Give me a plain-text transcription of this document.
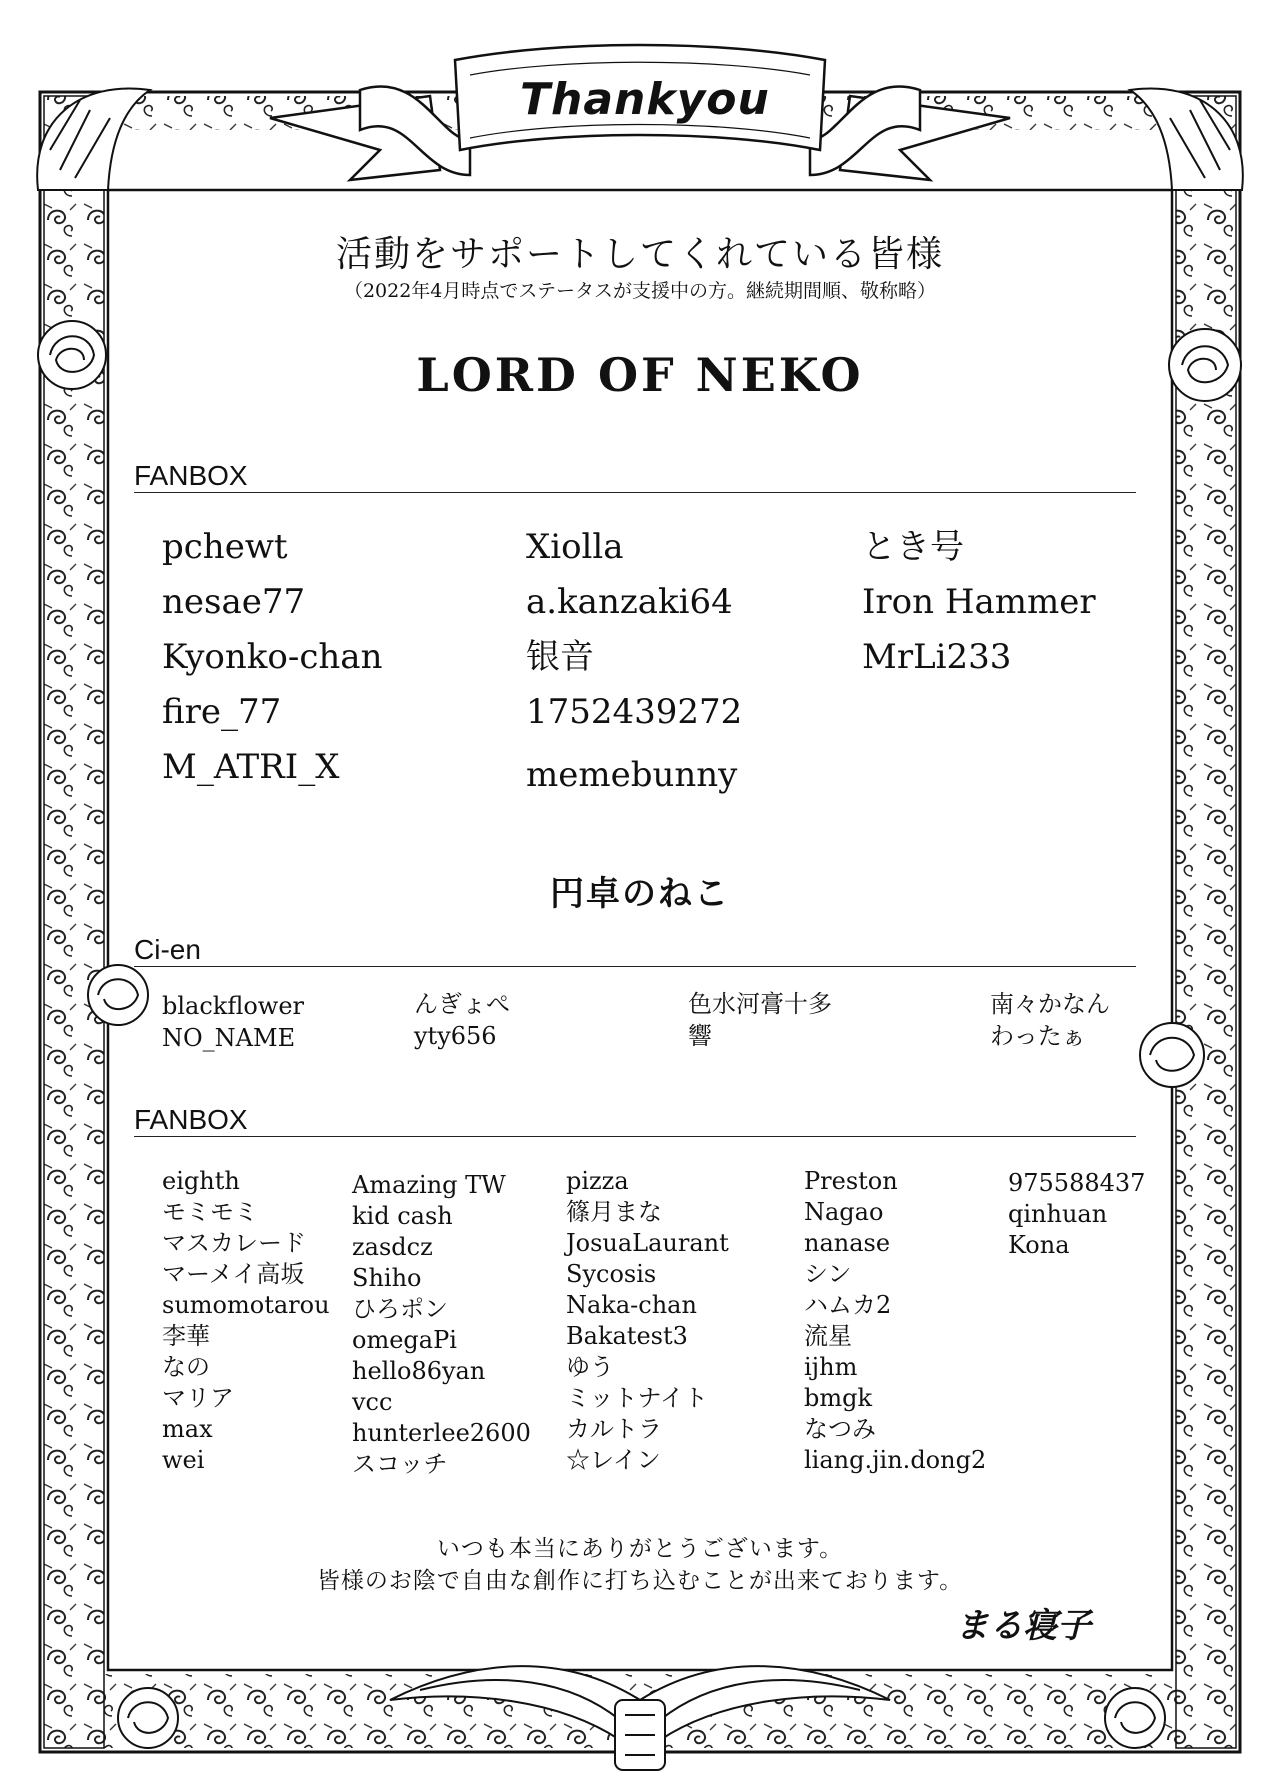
Thankyou
活動をサポートしてくれている皆様
（2022年4月時点でステータスが支援中の方。継続期間順、敬称略）
LORD OF NEKO
FANBOX
pchewt
nesae77
Kyonko-chan
fire_77
M_ATRI_X
Xiolla
a.kanzaki64
银音
1752439272
memebunny
とき号
Iron Hammer
MrLi233
円卓のねこ
Ci-en
blackflower
NO_NAME
んぎょぺ
yty656
色水河膏十多
響
南々かなん
わったぁ
FANBOX
eighth
モミモミ
マスカレード
マーメイ高坂
sumomotarou
李華
なの
マリア
max
wei
Amazing TW
kid cash
zasdcz
Shiho
ひろポン
omegaPi
hello86yan
vcc
hunterlee2600
スコッチ
pizza
篠月まな
JosuaLaurant
Sycosis
Naka-chan
Bakatest3
ゆう
ミットナイト
カルトラ
☆レイン
Preston
Nagao
nanase
シン
ハムカ2
流星
ijhm
bmgk
なつみ
liang.jin.dong2
975588437
qinhuan
Kona
いつも本当にありがとうございます。
皆様のお陰で自由な創作に打ち込むことが出来ております。
まる寝子
